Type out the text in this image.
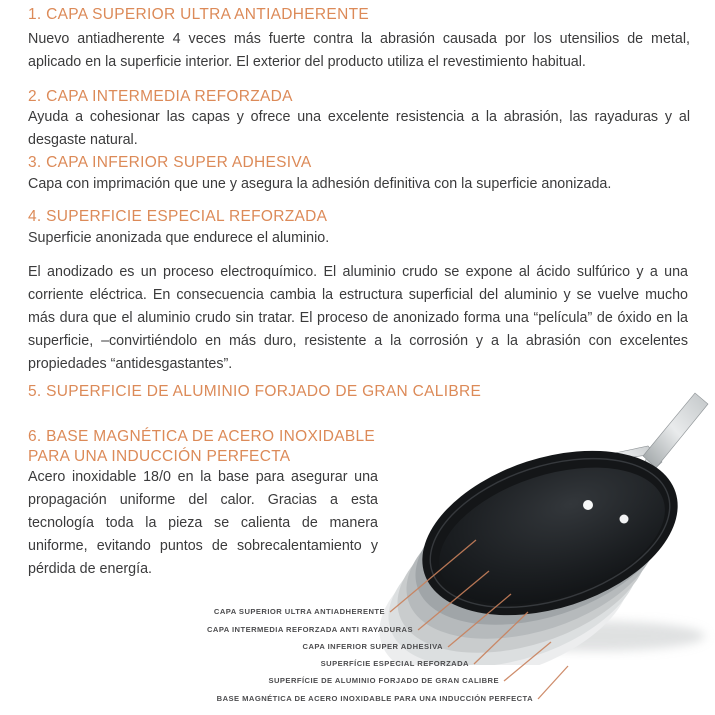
1. CAPA SUPERIOR ULTRA ANTIADHERENTE

Nuevo antiadherente 4 veces más fuerte contra la abrasión causada por los utensilios de metal, aplicado en la superficie interior. El exterior del producto utiliza el revestimiento habitual.

2. CAPA INTERMEDIA REFORZADA

Ayuda a cohesionar las capas y ofrece una excelente resistencia a la abrasión, las rayaduras y al desgaste natural.

3. CAPA INFERIOR SUPER ADHESIVA

Capa con imprimación que une y asegura la adhesión definitiva con la superficie anonizada.

4. SUPERFICIE ESPECIAL REFORZADA

Superficie anonizada que endurece el aluminio.

El anodizado es un proceso electroquímico. El aluminio crudo se expone al ácido sulfúrico y a una corriente eléctrica. En consecuencia cambia la estructura superficial del aluminio y se vuelve mucho más dura que el aluminio crudo sin tratar. El proceso de anonizado forma una “película” de óxido en la superficie, –convirtiéndolo en más duro, resistente a la corrosión y a la abrasión con excelentes propiedades “antidesgastantes”.

5. SUPERFICIE DE ALUMINIO FORJADO DE GRAN CALIBRE
6. BASE MAGNÉTICA DE ACERO INOXIDABLE
PARA UNA INDUCCIÓN PERFECTA

Acero inoxidable 18/0 en la base para asegurar una propagación uniforme del calor. Gracias a esta tecnología toda la pieza se calienta de manera uniforme, evitando puntos de sobrecalentamiento y pérdida de energía.

CAPA SUPERIOR ULTRA ANTIADHERENTE
CAPA INTERMEDIA REFORZADA ANTI RAYADURAS
CAPA INFERIOR SUPER ADHESIVA
SUPERFÍCIE ESPECIAL REFORZADA
SUPERFÍCIE DE ALUMINIO FORJADO DE GRAN CALIBRE
BASE MAGNÉTICA DE ACERO INOXIDABLE PARA UNA INDUCCIÓN PERFECTA
